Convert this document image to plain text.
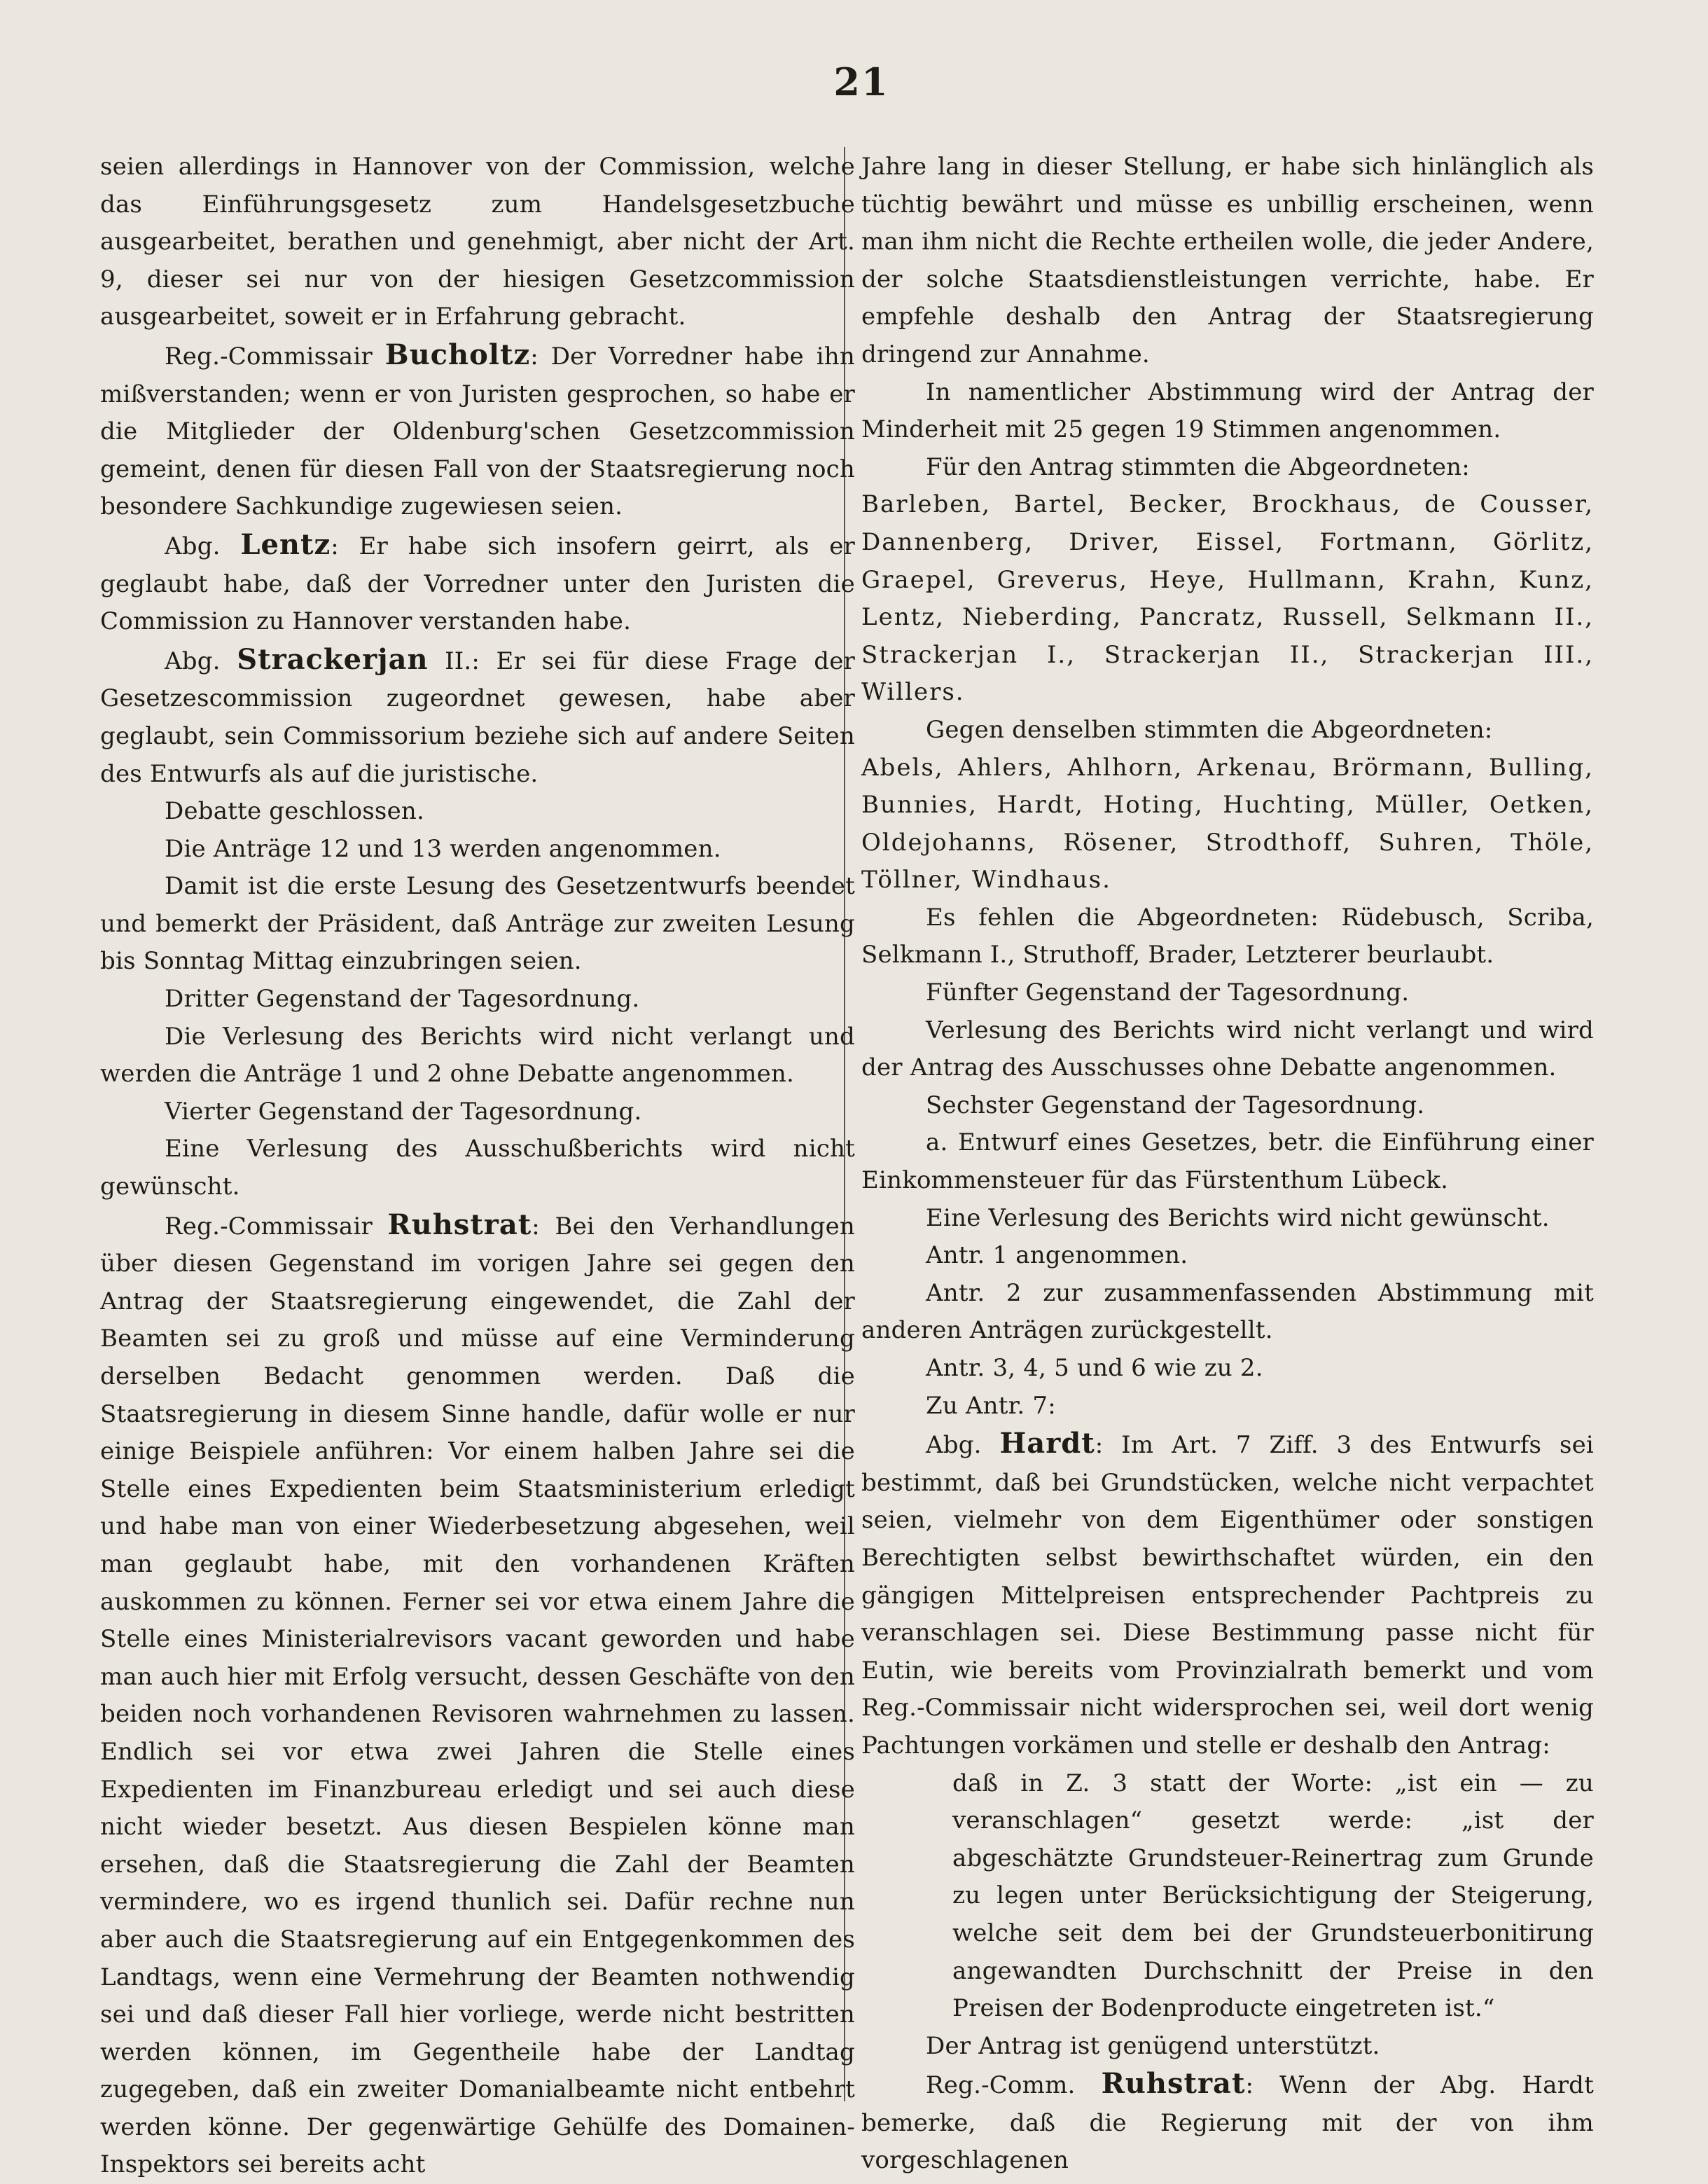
21

seien allerdings in Hannover von der Commission, welche das Einführungsgesetz zum Handelsgesetzbuche ausgearbeitet, berathen und genehmigt, aber nicht der Art. 9, dieser sei nur von der hiesigen Gesetzcommission ausgearbeitet, soweit er in Erfahrung gebracht.

Reg.-Commissair Bucholtz: Der Vorredner habe ihn mißverstanden; wenn er von Juristen gesprochen, so habe er die Mitglieder der Oldenburg'schen Gesetzcommission gemeint, denen für diesen Fall von der Staatsregierung noch besondere Sachkundige zugewiesen seien.

Abg. Lentz: Er habe sich insofern geirrt, als er geglaubt habe, daß der Vorredner unter den Juristen die Commission zu Hannover verstanden habe.

Abg. Strackerjan II.: Er sei für diese Frage der Gesetzescommission zugeordnet gewesen, habe aber geglaubt, sein Commissorium beziehe sich auf andere Seiten des Entwurfs als auf die juristische.

Debatte geschlossen.

Die Anträge 12 und 13 werden angenommen.

Damit ist die erste Lesung des Gesetzentwurfs beendet und bemerkt der Präsident, daß Anträge zur zweiten Lesung bis Sonntag Mittag einzubringen seien.

Dritter Gegenstand der Tagesordnung.

Die Verlesung des Berichts wird nicht verlangt und werden die Anträge 1 und 2 ohne Debatte angenommen.

Vierter Gegenstand der Tagesordnung.

Eine Verlesung des Ausschußberichts wird nicht gewünscht.

Reg.-Commissair Ruhstrat: Bei den Verhandlungen über diesen Gegenstand im vorigen Jahre sei gegen den Antrag der Staatsregierung eingewendet, die Zahl der Beamten sei zu groß und müsse auf eine Verminderung derselben Bedacht genommen werden. Daß die Staatsregierung in diesem Sinne handle, dafür wolle er nur einige Beispiele anführen: Vor einem halben Jahre sei die Stelle eines Expedienten beim Staatsministerium erledigt und habe man von einer Wiederbesetzung abgesehen, weil man geglaubt habe, mit den vorhandenen Kräften auskommen zu können. Ferner sei vor etwa einem Jahre die Stelle eines Ministerialrevisors vacant geworden und habe man auch hier mit Erfolg versucht, dessen Geschäfte von den beiden noch vorhandenen Revisoren wahrnehmen zu lassen. Endlich sei vor etwa zwei Jahren die Stelle eines Expedienten im Finanzbureau erledigt und sei auch diese nicht wieder besetzt. Aus diesen Bespielen könne man ersehen, daß die Staatsregierung die Zahl der Beamten vermindere, wo es irgend thunlich sei. Dafür rechne nun aber auch die Staatsregierung auf ein Entgegenkommen des Landtags, wenn eine Vermehrung der Beamten nothwendig sei und daß dieser Fall hier vorliege, werde nicht bestritten werden können, im Gegentheile habe der Landtag zugegeben, daß ein zweiter Domanialbeamte nicht entbehrt werden könne. Der gegenwärtige Gehülfe des Domainen-Inspektors sei bereits acht

Jahre lang in dieser Stellung, er habe sich hinlänglich als tüchtig bewährt und müsse es unbillig erscheinen, wenn man ihm nicht die Rechte ertheilen wolle, die jeder Andere, der solche Staatsdienstleistungen verrichte, habe. Er empfehle deshalb den Antrag der Staatsregierung dringend zur Annahme.

In namentlicher Abstimmung wird der Antrag der Minderheit mit 25 gegen 19 Stimmen angenommen.

Für den Antrag stimmten die Abgeordneten:

Barleben, Bartel, Becker, Brockhaus, de Cousser, Dannenberg, Driver, Eissel, Fortmann, Görlitz, Graepel, Greverus, Heye, Hullmann, Krahn, Kunz, Lentz, Nieberding, Pancratz, Russell, Selkmann II., Strackerjan I., Strackerjan II., Strackerjan III., Willers.

Gegen denselben stimmten die Abgeordneten:

Abels, Ahlers, Ahlhorn, Arkenau, Brörmann, Bulling, Bunnies, Hardt, Hoting, Huchting, Müller, Oetken, Oldejohanns, Rösener, Strodthoff, Suhren, Thöle, Töllner, Windhaus.

Es fehlen die Abgeordneten: Rüdebusch, Scriba, Selkmann I., Struthoff, Brader, Letzterer beurlaubt.

Fünfter Gegenstand der Tagesordnung.

Verlesung des Berichts wird nicht verlangt und wird der Antrag des Ausschusses ohne Debatte angenommen.

Sechster Gegenstand der Tagesordnung.

a. Entwurf eines Gesetzes, betr. die Einführung einer Einkommensteuer für das Fürstenthum Lübeck.

Eine Verlesung des Berichts wird nicht gewünscht.

Antr. 1 angenommen.

Antr. 2 zur zusammenfassenden Abstimmung mit anderen Anträgen zurückgestellt.

Antr. 3, 4, 5 und 6 wie zu 2.

Zu Antr. 7:

Abg. Hardt: Im Art. 7 Ziff. 3 des Entwurfs sei bestimmt, daß bei Grundstücken, welche nicht verpachtet seien, vielmehr von dem Eigenthümer oder sonstigen Berechtigten selbst bewirthschaftet würden, ein den gängigen Mittelpreisen entsprechender Pachtpreis zu veranschlagen sei. Diese Bestimmung passe nicht für Eutin, wie bereits vom Provinzialrath bemerkt und vom Reg.-Commissair nicht widersprochen sei, weil dort wenig Pachtungen vorkämen und stelle er deshalb den Antrag:

daß in Z. 3 statt der Worte: „ist ein — zu veranschlagen“ gesetzt werde: „ist der abgeschätzte Grundsteuer-Reinertrag zum Grunde zu legen unter Berücksichtigung der Steigerung, welche seit dem bei der Grundsteuerbonitirung angewandten Durchschnitt der Preise in den Preisen der Bodenproducte eingetreten ist.“

Der Antrag ist genügend unterstützt.

Reg.-Comm. Ruhstrat: Wenn der Abg. Hardt bemerke, daß die Regierung mit der von ihm vorgeschlagenen
